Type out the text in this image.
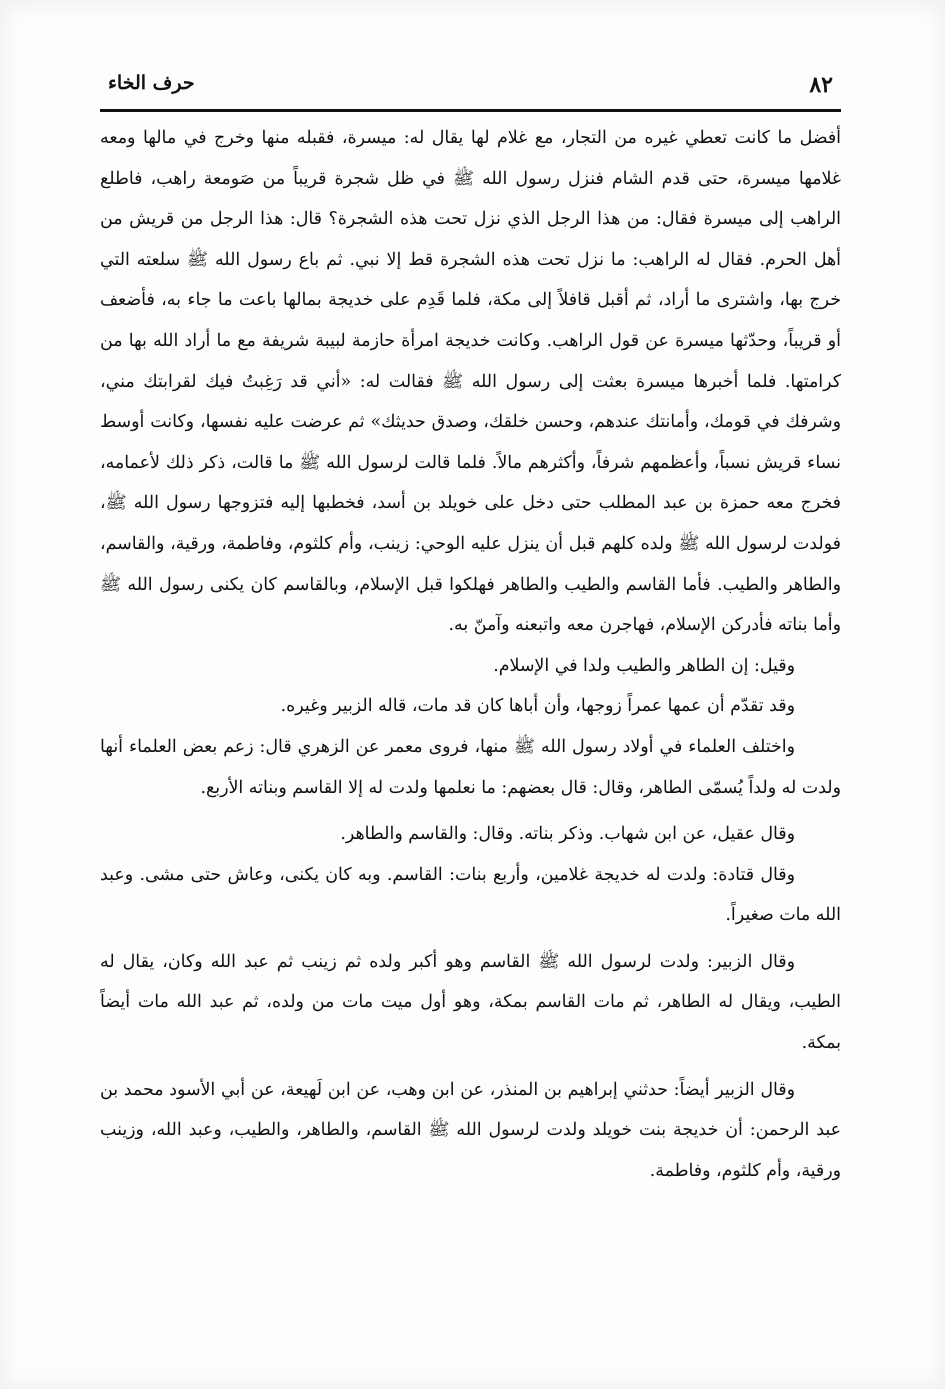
٨٢
حرف الخاء

أفضل ما كانت تعطي غيره من التجار، مع غلام لها يقال له: ميسرة، فقبله منها وخرج في مالها ومعه غلامها ميسرة، حتى قدم الشام فنزل رسول الله ﷺ في ظل شجرة قريباً من صَومعة راهب، فاطلع الراهب إلى ميسرة فقال: من هذا الرجل الذي نزل تحت هذه الشجرة؟ قال: هذا الرجل من قريش من أهل الحرم. فقال له الراهب: ما نزل تحت هذه الشجرة قط إلا نبي. ثم باع رسول الله ﷺ سلعته التي خرج بها، واشترى ما أراد، ثم أقبل قافلاً إلى مكة، فلما قَدِم على خديجة بمالها باعت ما جاء به، فأضعف أو قريباً، وحدّثها ميسرة عن قول الراهب. وكانت خديجة امرأة حازمة لبيبة شريفة مع ما أراد الله بها من كرامتها. فلما أخبرها ميسرة بعثت إلى رسول الله ﷺ فقالت له: «أني قد رَغِبتُ فيك لقرابتك مني، وشرفك في قومك، وأمانتك عندهم، وحسن خلقك، وصدق حديثك» ثم عرضت عليه نفسها، وكانت أوسط نساء قريش نسباً، وأعظمهم شرفاً، وأكثرهم مالاً. فلما قالت لرسول الله ﷺ ما قالت، ذكر ذلك لأعمامه، فخرج معه حمزة بن عبد المطلب حتى دخل على خويلد بن أسد، فخطبها إليه فتزوجها رسول الله ﷺ، فولدت لرسول الله ﷺ ولده كلهم قبل أن ينزل عليه الوحي: زينب، وأم كلثوم، وفاطمة، ورقية، والقاسم، والطاهر والطيب. فأما القاسم والطيب والطاهر فهلكوا قبل الإسلام، وبالقاسم كان يكنى رسول الله ﷺ وأما بناته فأدركن الإسلام، فهاجرن معه واتبعنه وآمنّ به.

وقيل: إن الطاهر والطيب ولدا في الإسلام.

وقد تقدّم أن عمها عمراً زوجها، وأن أباها كان قد مات، قاله الزبير وغيره.

واختلف العلماء في أولاد رسول الله ﷺ منها، فروى معمر عن الزهري قال: زعم بعض العلماء أنها ولدت له ولداً يُسمّى الطاهر، وقال: قال بعضهم: ما نعلمها ولدت له إلا القاسم وبناته الأربع.

وقال عقيل، عن ابن شهاب. وذكر بناته. وقال: والقاسم والطاهر.

وقال قتادة: ولدت له خديجة غلامين، وأربع بنات: القاسم. وبه كان يكنى، وعاش حتى مشى. وعبد الله مات صغيراً.

وقال الزبير: ولدت لرسول الله ﷺ القاسم وهو أكبر ولده ثم زينب ثم عبد الله وكان، يقال له الطيب، ويقال له الطاهر، ثم مات القاسم بمكة، وهو أول ميت مات من ولده، ثم عبد الله مات أيضاً بمكة.

وقال الزبير أيضاً: حدثني إبراهيم بن المنذر، عن ابن وهب، عن ابن لَهيعة، عن أبي الأسود محمد بن عبد الرحمن: أن خديجة بنت خويلد ولدت لرسول الله ﷺ القاسم، والطاهر، والطيب، وعبد الله، وزينب ورقية، وأم كلثوم، وفاطمة.
